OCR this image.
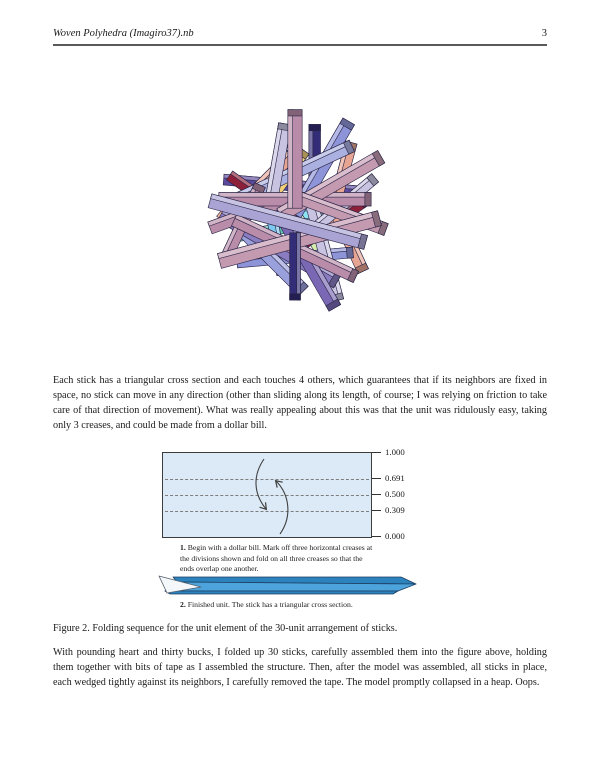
Woven Polyhedra (Imagiro37).nb	3
Each stick has a triangular cross section and each touches 4 others, which guarantees that if its neighbors are fixed in space, no stick can move in any direction (other than sliding along its length, of course; I was relying on friction to take care of that direction of movement). What was really appealing about this was that the unit was ridulously easy, taking only 3 creases, and could be made from a dollar bill.
1.000
0.691
0.500
0.309
0.000
1. Begin with a dollar bill. Mark off three horizontal creases at the divisions shown and fold on all three creases so that the ends overlap one another.
2. Finished unit. The stick has a triangular cross section.
Figure 2. Folding sequence for the unit element of the 30-unit arrangement of sticks.
With pounding heart and thirty bucks, I folded up 30 sticks, carefully assembled them into the figure above, holding them together with bits of tape as I assembled the structure. Then, after the model was assembled, all sticks in place, each wedged tightly against its neighbors, I carefully removed the tape. The model promptly collapsed in a heap. Oops.
